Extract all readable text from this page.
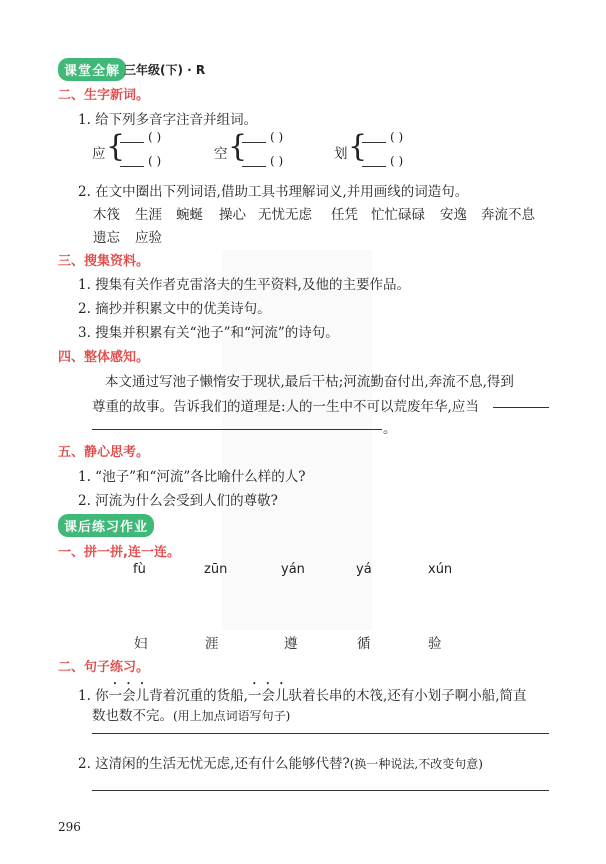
课堂全解 三年级(下) · R
二、生字新词。
1. 给下列多音字注音并组词。
应 { ( )
( )	空 { ( )
( )	划 { ( )
( )
2. 在文中圈出下列词语,借助工具书理解词义,并用画线的词造句。
木筏 生涯 蜿蜒 操心 无忧无虑 任凭 忙忙碌碌 安逸 奔流不息
遗忘 应验
三、搜集资料。
1. 搜集有关作者克雷洛夫的生平资料,及他的主要作品。
2. 摘抄并积累文中的优美诗句。
3. 搜集并积累有关“池子”和“河流”的诗句。
四、整体感知。
本文通过写池子懒惰安于现状,最后干枯;河流勤奋付出,奔流不息,得到
尊重的故事。告诉我们的道理是:人的一生中不可以荒废年华,应当
。
五、静心思考。
1. “池子”和“河流”各比喻什么样的人?
2. 河流为什么会受到人们的尊敬?
课后练习作业
一、拼一拼,连一连。
fù	zūn	yán	yá	xún
妇	涯	遵	循	验
二、句子练习。
1. 你一会儿背着沉重的货船,一会儿驮着长串的木筏,还有小划子啊小船,简直
数也数不完。(用上加点词语写句子)
2. 这清闲的生活无忧无虑,还有什么能够代替?(换一种说法,不改变句意)
296
